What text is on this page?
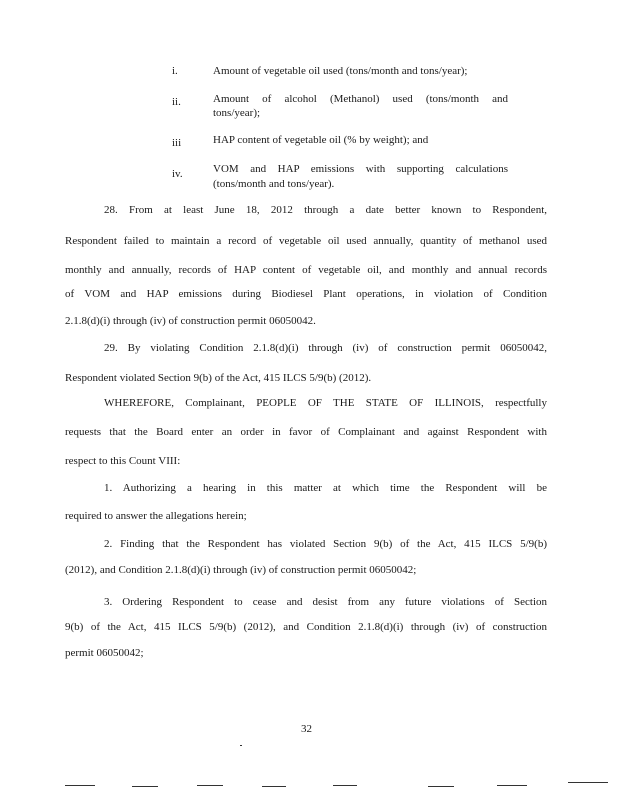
i.	Amount of vegetable oil used (tons/month and tons/year);
ii.	Amount of alcohol (Methanol) used (tons/month and
tons/year);
iii	HAP content of vegetable oil (% by weight); and
iv.	VOM and HAP emissions with supporting calculations
(tons/month and tons/year).
28. From at least June 18, 2012 through a date better known to Respondent,
Respondent failed to maintain a record of vegetable oil used annually, quantity of methanol used
monthly and annually, records of HAP content of vegetable oil, and monthly and annual records
of VOM and HAP emissions during Biodiesel Plant operations, in violation of Condition
2.1.8(d)(i) through (iv) of construction permit 06050042.
29. By violating Condition 2.1.8(d)(i) through (iv) of construction permit 06050042,
Respondent violated Section 9(b) of the Act, 415 ILCS 5/9(b) (2012).
WHEREFORE, Complainant, PEOPLE OF THE STATE OF ILLINOIS, respectfully
requests that the Board enter an order in favor of Complainant and against Respondent with
respect to this Count VIII:
1. Authorizing a hearing in this matter at which time the Respondent will be
required to answer the allegations herein;
2. Finding that the Respondent has violated Section 9(b) of the Act, 415 ILCS 5/9(b)
(2012), and Condition 2.1.8(d)(i) through (iv) of construction permit 06050042;
3. Ordering Respondent to cease and desist from any future violations of Section
9(b) of the Act, 415 ILCS 5/9(b) (2012), and Condition 2.1.8(d)(i) through (iv) of construction
permit 06050042;
32
